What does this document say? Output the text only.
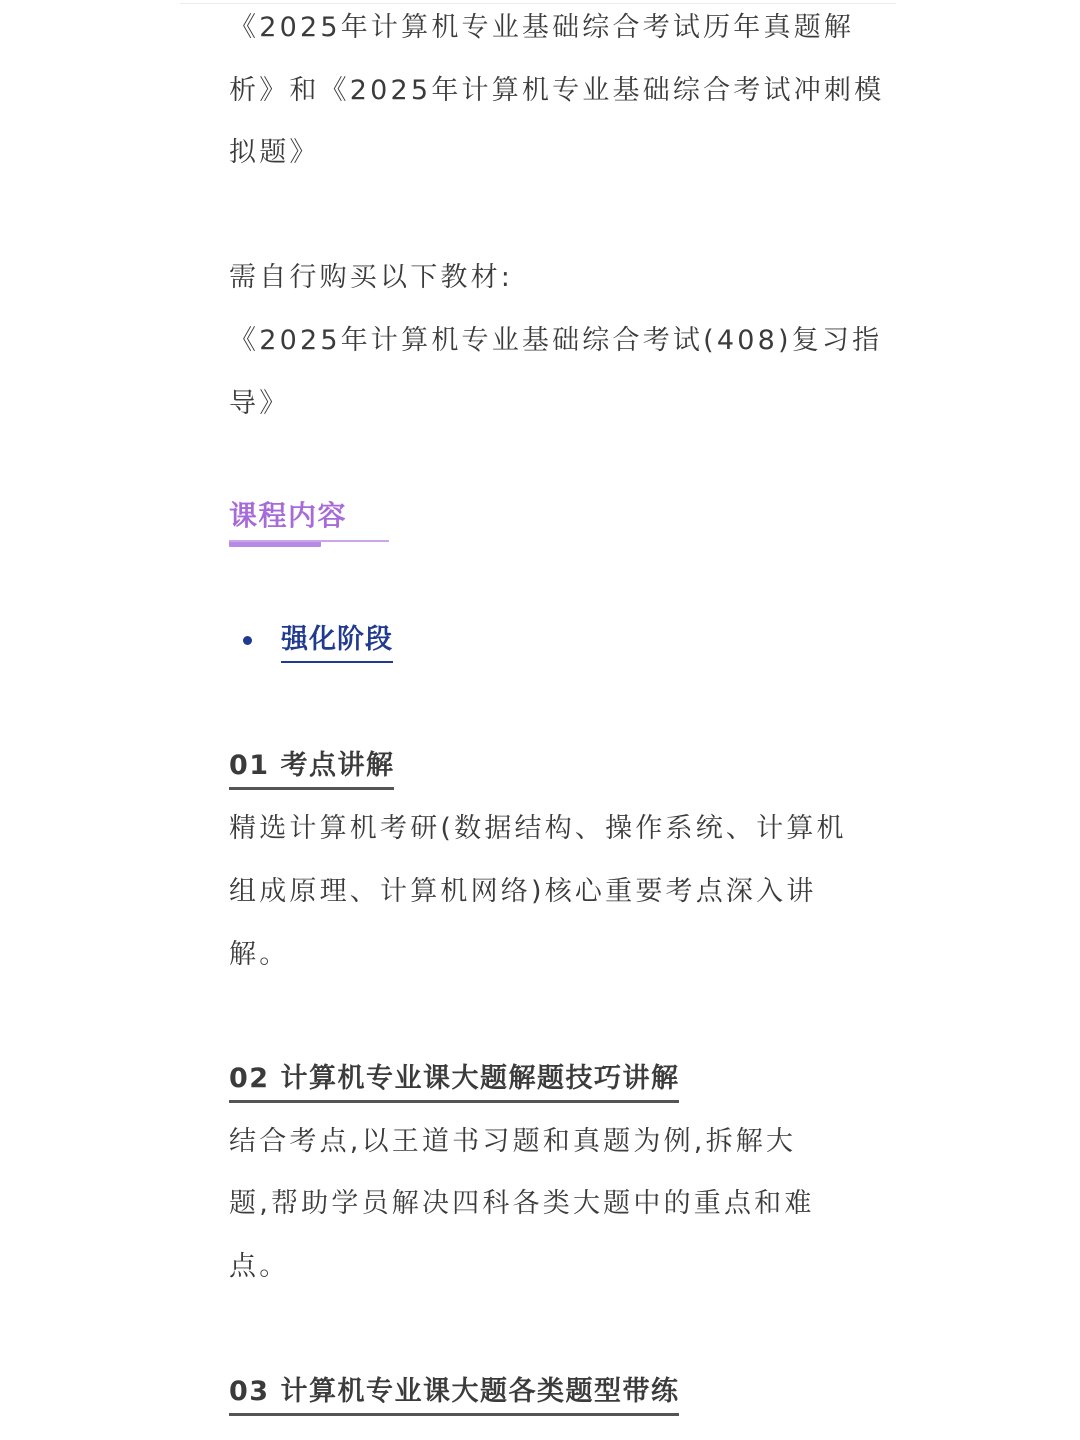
《2025年计算机专业基础综合考试历年真题解
析》和《2025年计算机专业基础综合考试冲刺模
拟题》
需自行购买以下教材:
《2025年计算机专业基础综合考试(408)复习指
导》
课程内容
强化阶段
01 考点讲解
精选计算机考研(数据结构、操作系统、计算机
组成原理、计算机网络)核心重要考点深入讲
解。
02 计算机专业课大题解题技巧讲解
结合考点,以王道书习题和真题为例,拆解大
题,帮助学员解决四科各类大题中的重点和难
点。
03 计算机专业课大题各类题型带练
